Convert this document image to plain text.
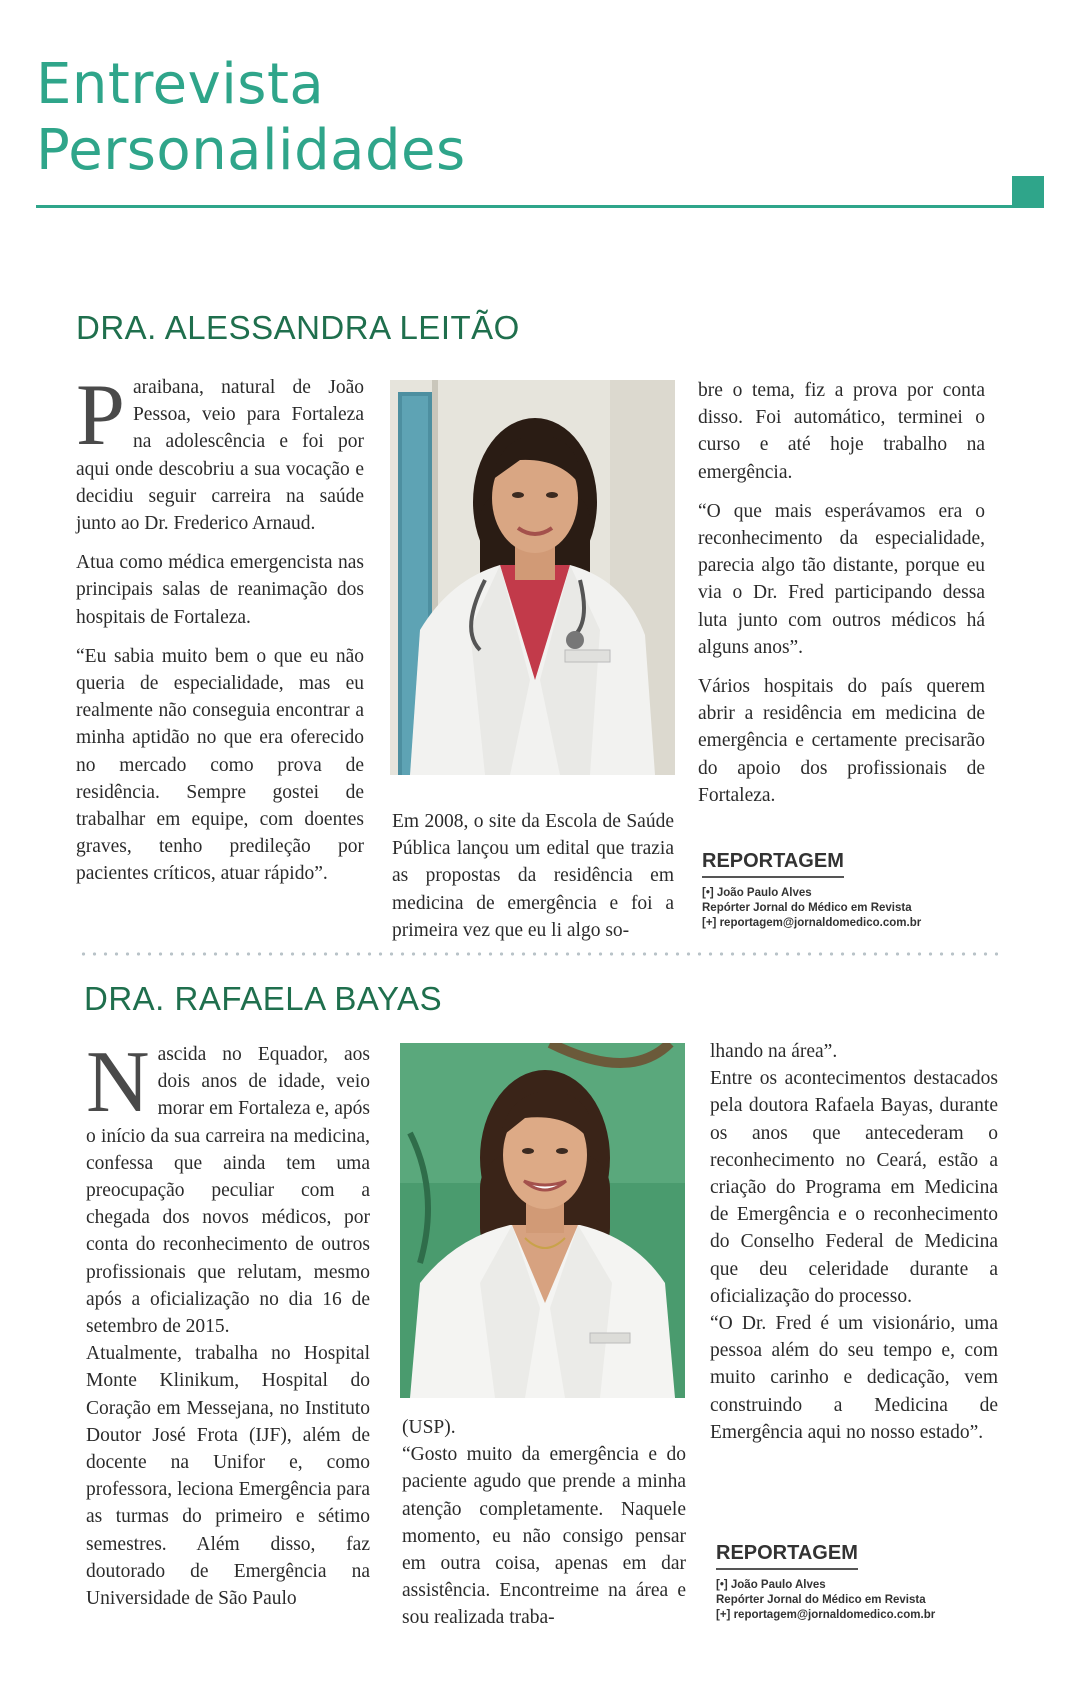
Entrevista
Personalidades
DRA. ALESSANDRA LEITÃO

Paraibana, natural de João Pessoa, veio para Fortaleza na adolescência e foi por aqui onde descobriu a sua vocação e decidiu seguir carreira na saúde junto ao Dr. Frederico Arnaud.

Atua como médica emergencista nas principais salas de reanimação dos hospitais de Fortaleza.

“Eu sabia muito bem o que eu não queria de especialidade, mas eu realmente não conseguia encontrar a minha aptidão no que era oferecido no mercado como prova de residência. Sempre gostei de trabalhar em equipe, com doentes graves, tenho predileção por pacientes críticos, atuar rápido”.

Em 2008, o site da Escola de Saúde Pública lançou um edital que trazia as propostas da residência em medicina de emergência e foi a primeira vez que eu li algo so-

bre o tema, fiz a prova por conta disso. Foi automático, terminei o curso e até hoje trabalho na emergência.

“O que mais esperávamos era o reconhecimento da especialidade, parecia algo tão distante, porque eu via o Dr. Fred participando dessa luta junto com outros médicos há alguns anos”.

Vários hospitais do país querem abrir a residência em medicina de emergência e certamente precisarão do apoio dos profissionais de Fortaleza.

REPORTAGEM
[•] João Paulo Alves
Repórter Jornal do Médico em Revista
[+] reportagem@jornaldomedico.com.br
DRA. RAFAELA BAYAS

Nascida no Equador, aos dois anos de idade, veio morar em Fortaleza e, após o início da sua carreira na medicina, confessa que ainda tem uma preocupação peculiar com a chegada dos novos médicos, por conta do reconhecimento de outros profissionais que relutam, mesmo após a oficialização no dia 16 de setembro de 2015.

Atualmente, trabalha no Hospital Monte Klinikum, Hospital do Coração em Messejana, no Instituto Doutor José Frota (IJF), além de docente na Unifor e, como professora, leciona Emergência para as turmas do primeiro e sétimo semestres. Além disso, faz doutorado de Emergência na Universidade de São Paulo

(USP).

“Gosto muito da emergência e do paciente agudo que prende a minha atenção completamente. Naquele momento, eu não consigo pensar em outra coisa, apenas em dar assistência. Encontreime na área e sou realizada traba-

lhando na área”.

Entre os acontecimentos destacados pela doutora Rafaela Bayas, durante os anos que antecederam o reconhecimento no Ceará, estão a criação do Programa em Medicina de Emergência e o reconhecimento do Conselho Federal de Medicina que deu celeridade durante a oficialização do processo.

“O Dr. Fred é um visionário, uma pessoa além do seu tempo e, com muito carinho e dedicação, vem construindo a Medicina de Emergência aqui no nosso estado”.

REPORTAGEM
[•] João Paulo Alves
Repórter Jornal do Médico em Revista
[+] reportagem@jornaldomedico.com.br
